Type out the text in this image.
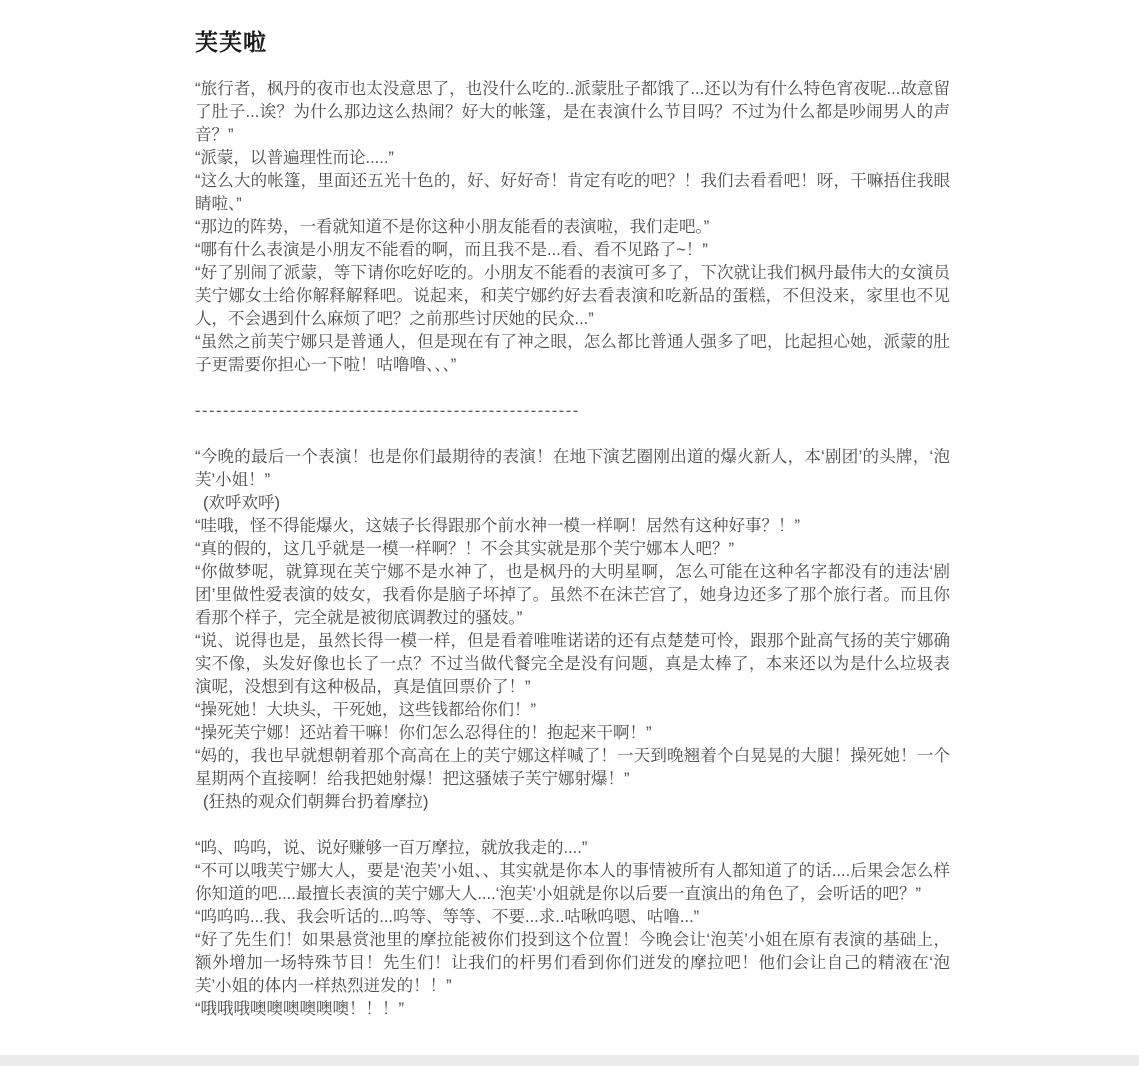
芙芙啦

“旅行者，枫丹的夜市也太没意思了，也没什么吃的..派蒙肚子都饿了...还以为有什么特色宵夜呢...故意留了肚子...诶？为什么那边这么热闹？好大的帐篷，是在表演什么节目吗？不过为什么都是吵闹男人的声音？”

“派蒙，以普遍理性而论.....”

“这么大的帐篷，里面还五光十色的，好、好好奇！肯定有吃的吧？！我们去看看吧！呀，干嘛捂住我眼睛啦、”

“那边的阵势，一看就知道不是你这种小朋友能看的表演啦，我们走吧。”

“哪有什么表演是小朋友不能看的啊，而且我不是...看、看不见路了~！”

“好了别闹了派蒙，等下请你吃好吃的。小朋友不能看的表演可多了，下次就让我们枫丹最伟大的女演员芙宁娜女士给你解释解释吧。说起来，和芙宁娜约好去看表演和吃新品的蛋糕，不但没来，家里也不见人，不会遇到什么麻烦了吧？之前那些讨厌她的民众...”

“虽然之前芙宁娜只是普通人，但是现在有了神之眼，怎么都比普通人强多了吧，比起担心她，派蒙的肚子更需要你担心一下啦！咕噜噜、、、”

-------------------------------------------------------

“今晚的最后一个表演！也是你们最期待的表演！在地下演艺圈刚出道的爆火新人，本‘剧团’的头牌，‘泡芙’小姐！”

(欢呼欢呼)

“哇哦，怪不得能爆火，这婊子长得跟那个前水神一模一样啊！居然有这种好事？！”

“真的假的，这几乎就是一模一样啊？！不会其实就是那个芙宁娜本人吧？”

“你做梦呢，就算现在芙宁娜不是水神了，也是枫丹的大明星啊，怎么可能在这种名字都没有的违法‘剧团’里做性爱表演的妓女，我看你是脑子坏掉了。虽然不在沫芒宫了，她身边还多了那个旅行者。而且你看那个样子，完全就是被彻底调教过的骚妓。”

“说、说得也是，虽然长得一模一样，但是看着唯唯诺诺的还有点楚楚可怜，跟那个趾高气扬的芙宁娜确实不像，头发好像也长了一点？不过当做代餐完全是没有问题，真是太棒了，本来还以为是什么垃圾表演呢，没想到有这种极品，真是值回票价了！”

“操死她！大块头，干死她，这些钱都给你们！”

“操死芙宁娜！还站着干嘛！你们怎么忍得住的！抱起来干啊！”

“妈的，我也早就想朝着那个高高在上的芙宁娜这样喊了！一天到晚翘着个白晃晃的大腿！操死她！一个星期两个直接啊！给我把她射爆！把这骚婊子芙宁娜射爆！”

(狂热的观众们朝舞台扔着摩拉)

“呜、呜呜，说、说好赚够一百万摩拉，就放我走的....”

“不可以哦芙宁娜大人，要是‘泡芙’小姐、、其实就是你本人的事情被所有人都知道了的话....后果会怎么样你知道的吧....最擅长表演的芙宁娜大人....‘泡芙’小姐就是你以后要一直演出的角色了，会听话的吧？”

“呜呜呜...我、我会听话的...呜等、等等、不要...求..咕啾呜嗯、咕噜...”

“好了先生们！如果悬赏池里的摩拉能被你们投到这个位置！今晚会让‘泡芙’小姐在原有表演的基础上，额外增加一场特殊节目！先生们！让我们的杆男们看到你们迸发的摩拉吧！他们会让自己的精液在‘泡芙’小姐的体内一样热烈迸发的！！”

“哦哦哦噢噢噢噢噢噢！！！”
